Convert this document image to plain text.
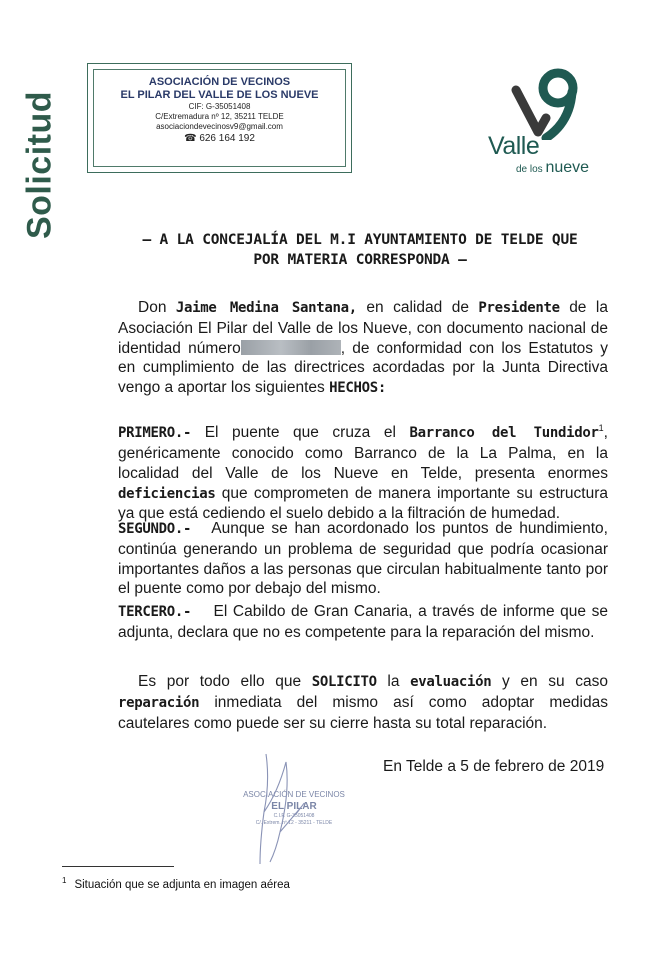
Solicitud
ASOCIACIÓN DE VECINOS
EL PILAR DEL VALLE DE LOS NUEVE
CIF: G-35051408
C/Extremadura nº 12, 35211 TELDE
asociaciondevecinosv9@gmail.com
☎ 626 164 192	Valle
de los nueve
— A LA CONCEJALÍA DEL M.I AYUNTAMIENTO DE TELDE QUE
POR MATERIA CORRESPONDA —
Don Jaime Medina Santana, en calidad de Presidente de la Asociación El Pilar del Valle de los Nueve, con documento nacional de identidad número	, de conformidad con los Estatutos y en cumplimiento de las directrices acordadas por la Junta Directiva vengo a aportar los siguientes HECHOS:
PRIMERO.- El puente que cruza el Barranco del Tundidor$^1$, genéricamente conocido como Barranco de la La Palma, en la localidad del Valle de los Nueve en Telde, presenta enormes deficiencias que comprometen de manera importante su estructura ya que está cediendo el suelo debido a la filtración de humedad.
SEGUNDO.- Aunque se han acordonado los puntos de hundimiento, continúa generando un problema de seguridad que podría ocasionar importantes daños a las personas que circulan habitualmente tanto por el puente como por debajo del mismo.
TERCERO.- El Cabildo de Gran Canaria, a través de informe que se adjunta, declara que no es competente para la reparación del mismo.
Es por todo ello que SOLICITO la evaluación y en su caso reparación inmediata del mismo así como adoptar medidas cautelares como puede ser su cierre hasta su total reparación.
En Telde a 5 de febrero de 2019
ASOCIACIÓN DE VECINOS
EL PILAR
C.I.F. G-35051408
C/. Extrem. nº 12 - 35211 - TELDE
$^1$ Situación que se adjunta en imagen aérea
